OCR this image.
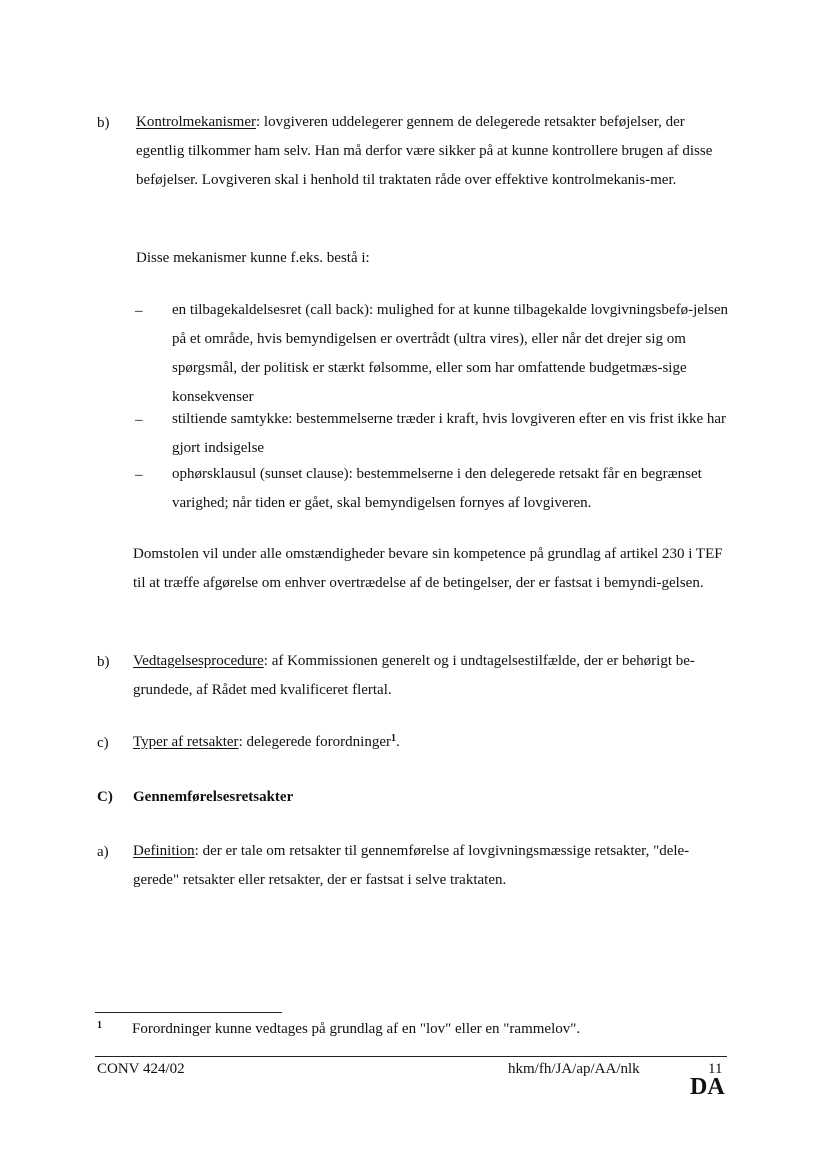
b) Kontrolmekanismer: lovgiveren uddelegerer gennem de delegerede retsakter beføjelser, der egentlig tilkommer ham selv. Han må derfor være sikker på at kunne kontrollere brugen af disse beføjelser. Lovgiveren skal i henhold til traktaten råde over effektive kontrolmekanis-mer.
Disse mekanismer kunne f.eks. bestå i:
– en tilbagekaldelsesret (call back): mulighed for at kunne tilbagekalde lovgivningsbefø-jelsen på et område, hvis bemyndigelsen er overtrådt (ultra vires), eller når det drejer sig om spørgsmål, der politisk er stærkt følsomme, eller som har omfattende budgetmæs-sige konsekvenser
– stiltiende samtykke: bestemmelserne træder i kraft, hvis lovgiveren efter en vis frist ikke har gjort indsigelse
– ophørsklausul (sunset clause): bestemmelserne i den delegerede retsakt får en begrænset varighed; når tiden er gået, skal bemyndigelsen fornyes af lovgiveren.
Domstolen vil under alle omstændigheder bevare sin kompetence på grundlag af artikel 230 i TEF til at træffe afgørelse om enhver overtrædelse af de betingelser, der er fastsat i bemyndi-gelsen.
b) Vedtagelsesprocedure: af Kommissionen generelt og i undtagelsestilfælde, der er behørigt be-grundede, af Rådet med kvalificeret flertal.
c) Typer af retsakter: delegerede forordninger$^1$.
C) Gennemførelsesretsakter
a) Definition: der er tale om retsakter til gennemførelse af lovgivningsmæssige retsakter, "dele-gerede" retsakter eller retsakter, der er fastsat i selve traktaten.
1 Forordninger kunne vedtages på grundlag af en "lov" eller en "rammelov".
CONV 424/02	hkm/fh/JA/ap/AA/nlk	11
DA
